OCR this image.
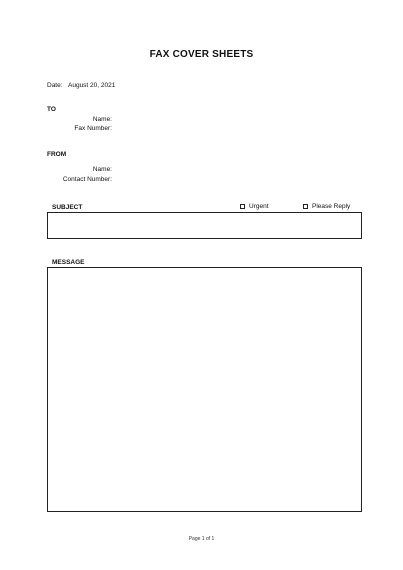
FAX COVER SHEETS
Date: August 20, 2021
TO
Name:
Fax Number:
FROM
Name:
Contact Number:
SUBJECT	Urgent	Please Reply
MESSAGE
Page 1 of 1
